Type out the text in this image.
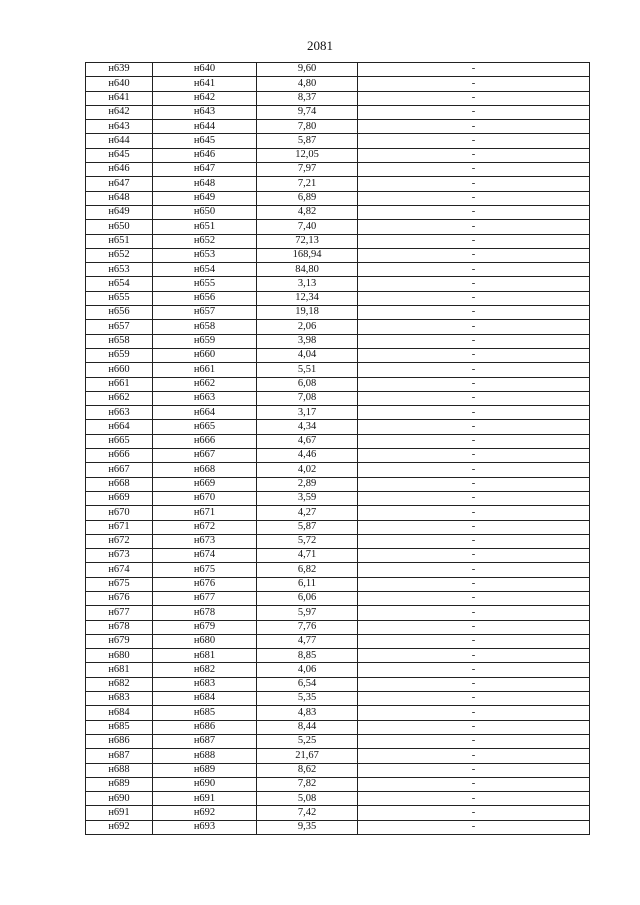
2081
н639	н640	9,60	-
н640	н641	4,80	-
н641	н642	8,37	-
н642	н643	9,74	-
н643	н644	7,80	-
н644	н645	5,87	-
н645	н646	12,05	-
н646	н647	7,97	-
н647	н648	7,21	-
н648	н649	6,89	-
н649	н650	4,82	-
н650	н651	7,40	-
н651	н652	72,13	-
н652	н653	168,94	-
н653	н654	84,80	-
н654	н655	3,13	-
н655	н656	12,34	-
н656	н657	19,18	-
н657	н658	2,06	-
н658	н659	3,98	-
н659	н660	4,04	-
н660	н661	5,51	-
н661	н662	6,08	-
н662	н663	7,08	-
н663	н664	3,17	-
н664	н665	4,34	-
н665	н666	4,67	-
н666	н667	4,46	-
н667	н668	4,02	-
н668	н669	2,89	-
н669	н670	3,59	-
н670	н671	4,27	-
н671	н672	5,87	-
н672	н673	5,72	-
н673	н674	4,71	-
н674	н675	6,82	-
н675	н676	6,11	-
н676	н677	6,06	-
н677	н678	5,97	-
н678	н679	7,76	-
н679	н680	4,77	-
н680	н681	8,85	-
н681	н682	4,06	-
н682	н683	6,54	-
н683	н684	5,35	-
н684	н685	4,83	-
н685	н686	8,44	-
н686	н687	5,25	-
н687	н688	21,67	-
н688	н689	8,62	-
н689	н690	7,82	-
н690	н691	5,08	-
н691	н692	7,42	-
н692	н693	9,35	-
